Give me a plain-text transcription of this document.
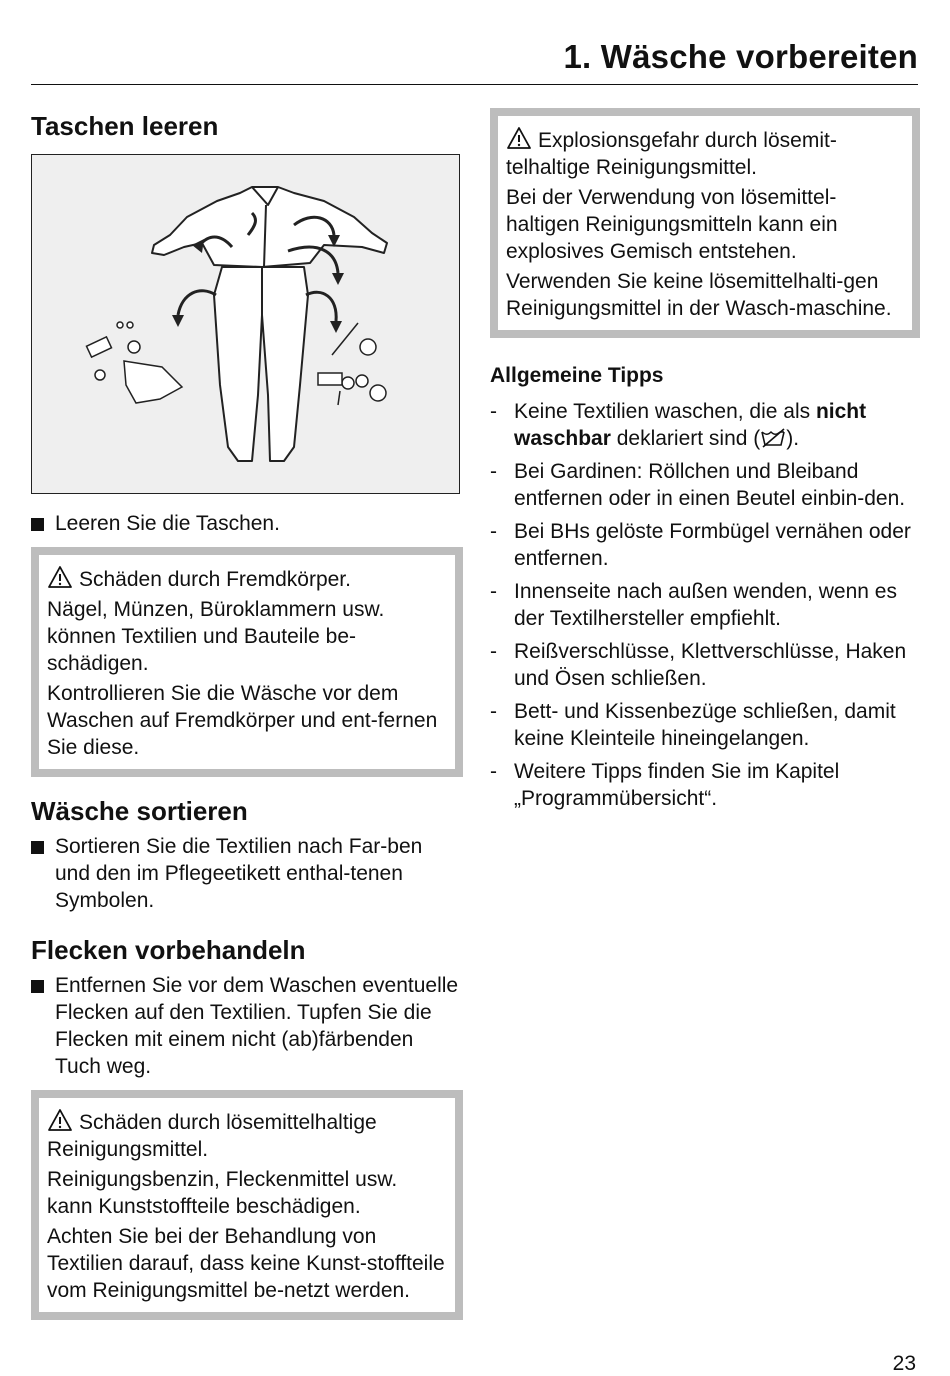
1. Wäsche vorbereiten
Taschen leeren
Leeren Sie die Taschen.

Schäden durch Fremdkörper.

Nägel, Münzen, Büroklammern usw. können Textilien und Bauteile be-schädigen.

Kontrollieren Sie die Wäsche vor dem Waschen auf Fremdkörper und ent-fernen Sie diese.

Wäsche sortieren
Sortieren Sie die Textilien nach Far-ben und den im Pflegeetikett enthal-tenen Symbolen.
Flecken vorbehandeln
Entfernen Sie vor dem Waschen eventuelle Flecken auf den Textilien. Tupfen Sie die Flecken mit einem nicht (ab)färbenden Tuch weg.

Schäden durch lösemittelhaltige Reinigungsmittel.

Reinigungsbenzin, Fleckenmittel usw. kann Kunststoffteile beschädigen.

Achten Sie bei der Behandlung von Textilien darauf, dass keine Kunst-stoffteile vom Reinigungsmittel be-netzt werden.

Explosionsgefahr durch lösemit-telhaltige Reinigungsmittel.

Bei der Verwendung von lösemittel-haltigen Reinigungsmitteln kann ein explosives Gemisch entstehen.

Verwenden Sie keine lösemittelhalti-gen Reinigungsmittel in der Wasch-maschine.

Allgemeine Tipps
- Keine Textilien waschen, die als nicht waschbar deklariert sind ( ).
- Bei Gardinen: Röllchen und Bleiband entfernen oder in einen Beutel einbin-den.
- Bei BHs gelöste Formbügel vernähen oder entfernen.
- Innenseite nach außen wenden, wenn es der Textilhersteller empfiehlt.
- Reißverschlüsse, Klettverschlüsse, Haken und Ösen schließen.
- Bett- und Kissenbezüge schließen, damit keine Kleinteile hineingelangen.
- Weitere Tipps finden Sie im Kapitel „Programmübersicht“.
23
